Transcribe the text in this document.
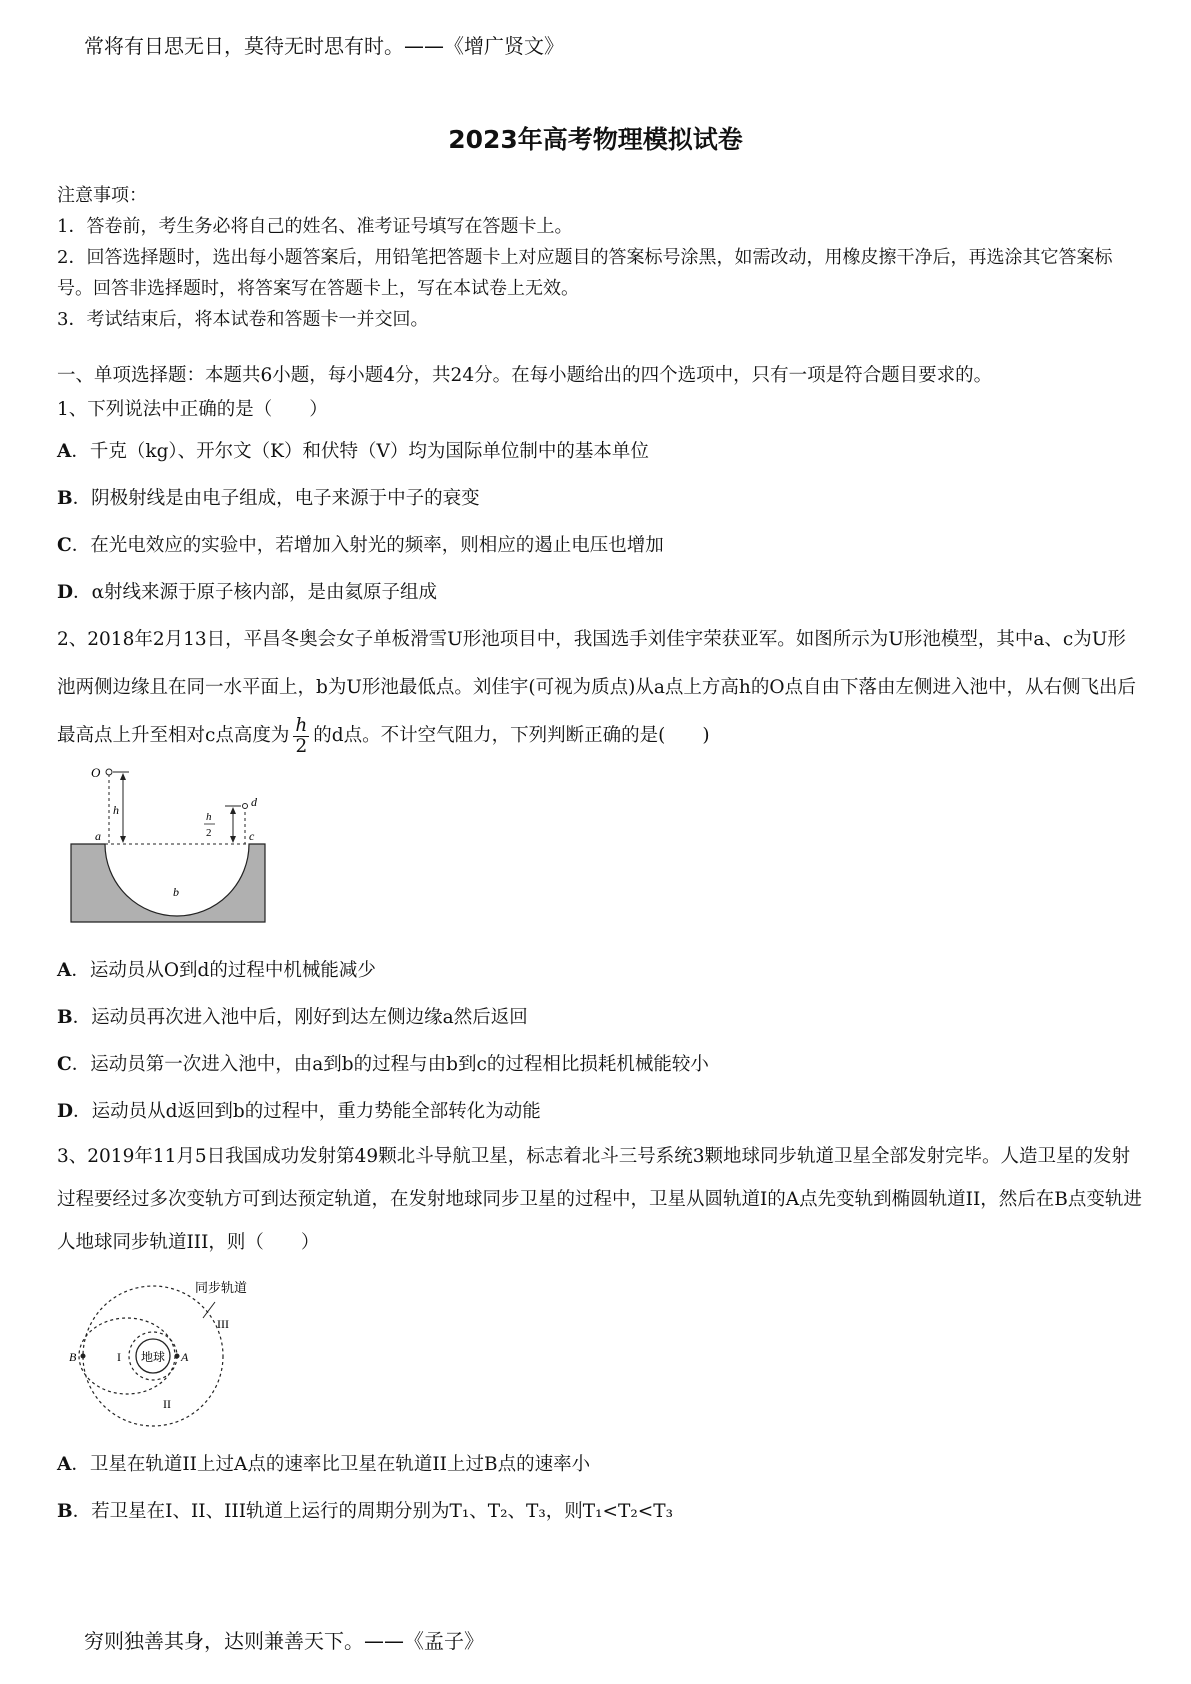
常将有日思无日，莫待无时思有时。——《增广贤文》
2023年高考物理模拟试卷

注意事项：

1．答卷前，考生务必将自己的姓名、准考证号填写在答题卡上。

2．回答选择题时，选出每小题答案后，用铅笔把答题卡上对应题目的答案标号涂黑，如需改动，用橡皮擦干净后，再选涂其它答案标号。回答非选择题时，将答案写在答题卡上，写在本试卷上无效。

3．考试结束后，将本试卷和答题卡一并交回。

一、单项选择题：本题共6小题，每小题4分，共24分。在每小题给出的四个选项中，只有一项是符合题目要求的。

1、下列说法中正确的是（　　）

A．千克（kg）、开尔文（K）和伏特（V）均为国际单位制中的基本单位

B．阴极射线是由电子组成，电子来源于中子的衰变

C．在光电效应的实验中，若增加入射光的频率，则相应的遏止电压也增加

D．α射线来源于原子核内部，是由氦原子组成

2、2018年2月13日，平昌冬奥会女子单板滑雪U形池项目中，我国选手刘佳宇荣获亚军。如图所示为U形池模型，其中a、c为U形池两侧边缘且在同一水平面上，b为U形池最低点。刘佳宇(可视为质点)从a点上方高h的O点自由下落由左侧进入池中，从右侧飞出后最高点上升至相对c点高度为 $\frac{h}{2}$ 的d点。不计空气阻力，下列判断正确的是(　　)

O
h	h
2
a	c
d
b

A．运动员从O到d的过程中机械能减少

B．运动员再次进入池中后，刚好到达左侧边缘a然后返回

C．运动员第一次进入池中，由a到b的过程与由b到c的过程相比损耗机械能较小

D．运动员从d返回到b的过程中，重力势能全部转化为动能

3、2019年11月5日我国成功发射第49颗北斗导航卫星，标志着北斗三号系统3颗地球同步轨道卫星全部发射完毕。人造卫星的发射过程要经过多次变轨方可到达预定轨道，在发射地球同步卫星的过程中，卫星从圆轨道I的A点先变轨到椭圆轨道II，然后在B点变轨进人地球同步轨道III，则（　　）

同步轨道
地球
I
II
III
A
B

A．卫星在轨道II上过A点的速率比卫星在轨道II上过B点的速率小

B．若卫星在I、II、III轨道上运行的周期分别为T₁、T₂、T₃，则T₁<T₂<T₃

穷则独善其身，达则兼善天下。——《孟子》
